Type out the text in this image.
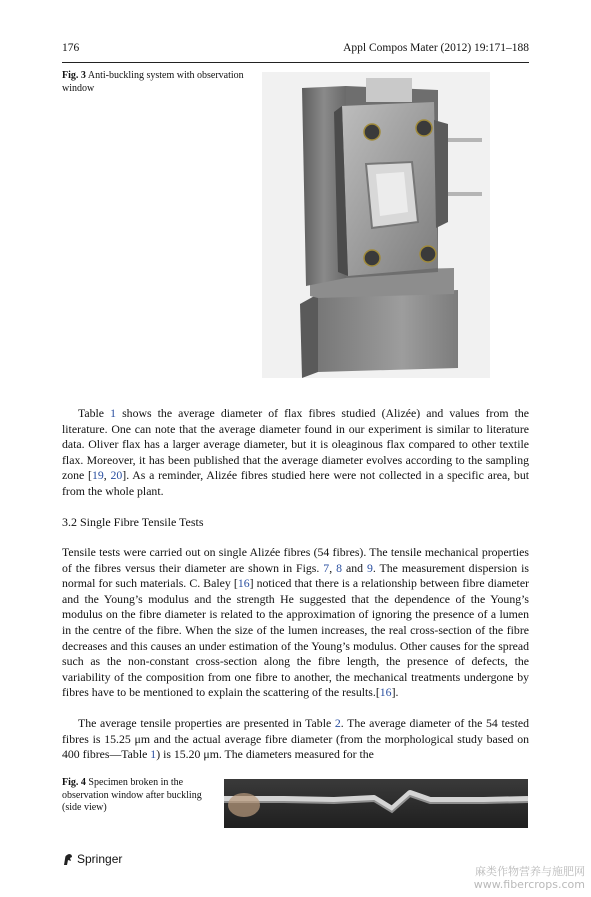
176	Appl Compos Mater (2012) 19:171–188
Fig. 3 Anti-buckling system with observation window
Table 1 shows the average diameter of flax fibres studied (Alizée) and values from the literature. One can note that the average diameter found in our experiment is similar to literature data. Oliver flax has a larger average diameter, but it is oleaginous flax compared to other textile flax. Moreover, it has been published that the average diameter evolves according to the sampling zone [19, 20]. As a reminder, Alizée fibres studied here were not collected in a specific area, but from the whole plant.
3.2 Single Fibre Tensile Tests
Tensile tests were carried out on single Alizée fibres (54 fibres). The tensile mechanical properties of the fibres versus their diameter are shown in Figs. 7, 8 and 9. The measurement dispersion is normal for such materials. C. Baley [16] noticed that there is a relationship between fibre diameter and the Young’s modulus and the strength He suggested that the dependence of the Young’s modulus on the fibre diameter is related to the approximation of ignoring the presence of a lumen in the centre of the fibre. When the size of the lumen increases, the real cross-section of the fibre decreases and this causes an under estimation of the Young’s modulus. Other causes for the spread such as the non-constant cross-section along the fibre length, the presence of defects, the variability of the composition from one fibre to another, the mechanical treatments undergone by fibres have to be mentioned to explain the scattering of the results.[16].
The average tensile properties are presented in Table 2. The average diameter of the 54 tested fibres is 15.25 μm and the actual average fibre diameter (from the morphological study based on 400 fibres—Table 1) is 15.20 μm. The diameters measured for the
Fig. 4 Specimen broken in the observation window after buckling (side view)
Springer
麻类作物营养与施肥网
www.fibercrops.com
